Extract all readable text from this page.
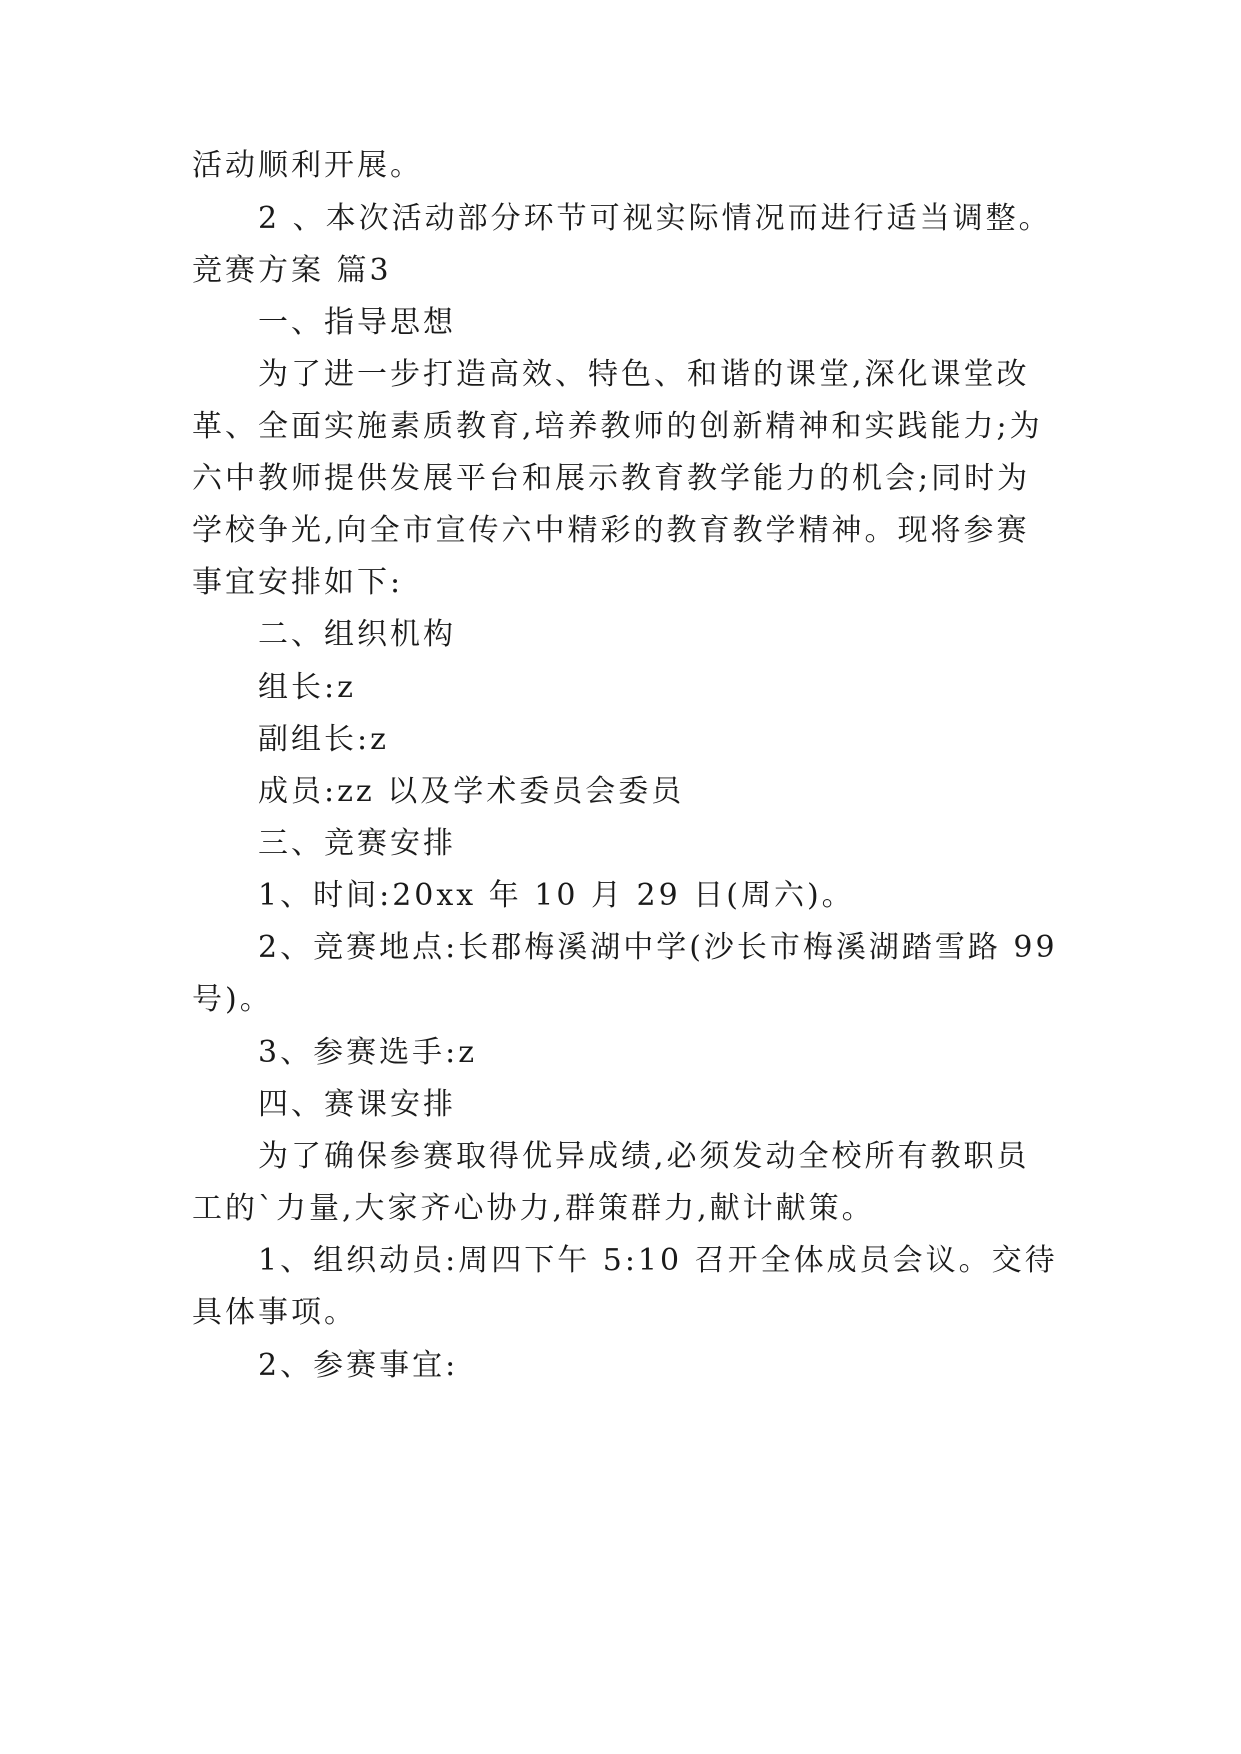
活动顺利开展。
2 、本次活动部分环节可视实际情况而进行适当调整。
竞赛方案 篇3
一、指导思想
为了进一步打造高效、特色、和谐的课堂,深化课堂改
革、全面实施素质教育,培养教师的创新精神和实践能力;为
六中教师提供发展平台和展示教育教学能力的机会;同时为
学校争光,向全市宣传六中精彩的教育教学精神。现将参赛
事宜安排如下:
二、组织机构
组长:z
副组长:z
成员:zz 以及学术委员会委员
三、竞赛安排
1、时间:20xx 年 10 月 29 日(周六)。
2、竞赛地点:长郡梅溪湖中学(沙长市梅溪湖踏雪路 99
号)。
3、参赛选手:z
四、赛课安排
为了确保参赛取得优异成绩,必须发动全校所有教职员
工的`力量,大家齐心协力,群策群力,献计献策。
1、组织动员:周四下午 5:10 召开全体成员会议。交待
具体事项。
2、参赛事宜:
